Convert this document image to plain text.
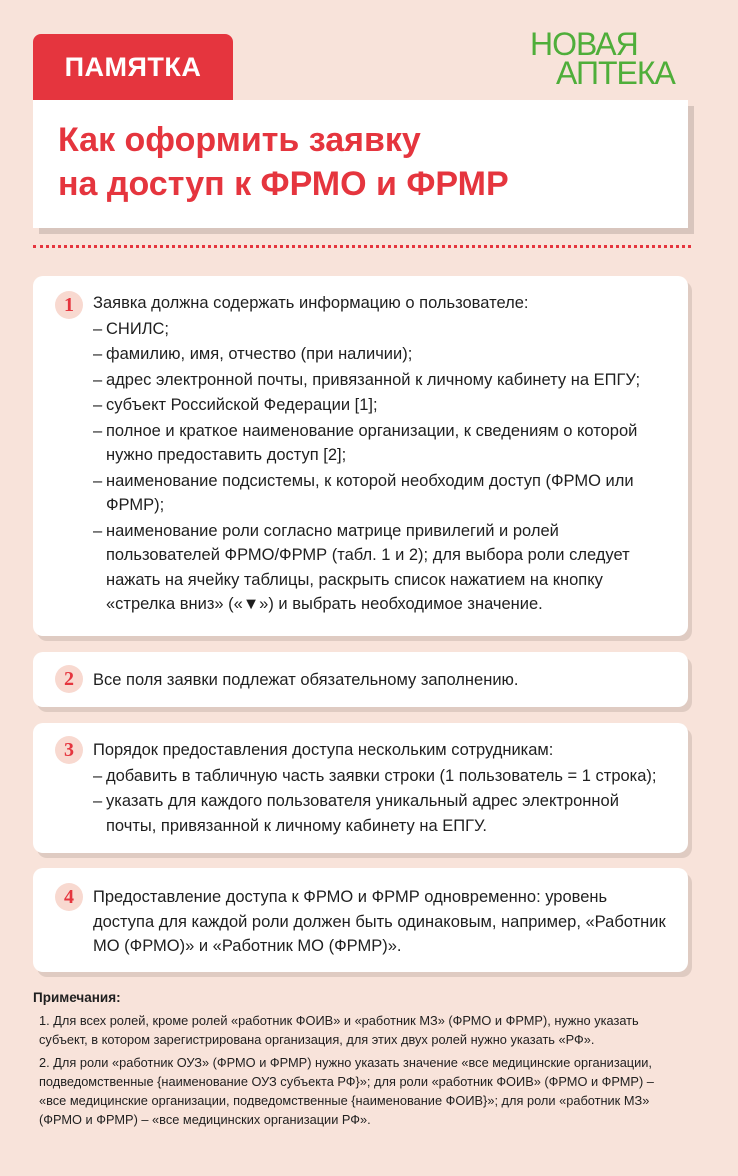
ПАМЯТКА
НОВАЯ
АПТЕКА
Как оформить заявку
на доступ к ФРМО и ФРМР
1	Заявка должна содержать информацию о пользователе:
– СНИЛС;
– фамилию, имя, отчество (при наличии);
– адрес электронной почты, привязанной к личному кабинету на ЕПГУ;
– субъект Российской Федерации [1];
– полное и краткое наименование организации, к сведениям о которой нужно предоставить доступ [2];
– наименование подсистемы, к которой необходим доступ (ФРМО или ФРМР);
– наименование роли согласно матрице привилегий и ролей пользователей ФРМО/ФРМР (табл. 1 и 2); для выбора роли следует нажать на ячейку таблицы, раскрыть список нажатием на кнопку «стрелка вниз» («▼») и выбрать необходимое значение.
2	Все поля заявки подлежат обязательному заполнению.
3	Порядок предоставления доступа нескольким сотрудникам:
– добавить в табличную часть заявки строки (1 пользователь = 1 строка);
– указать для каждого пользователя уникальный адрес электронной почты, привязанной к личному кабинету на ЕПГУ.
4	Предоставление доступа к ФРМО и ФРМР одновременно: уровень доступа для каждой роли должен быть одинаковым, например, «Работник МО (ФРМО)» и «Работник МО (ФРМР)».
Примечания:
1. Для всех ролей, кроме ролей «работник ФОИВ» и «работник МЗ» (ФРМО и ФРМР), нужно указать субъект, в котором зарегистрирована организация, для этих двух ролей нужно указать «РФ».
2. Для роли «работник ОУЗ» (ФРМО и ФРМР) нужно указать значение «все медицинские организации, подведомственные {наименование ОУЗ субъекта РФ}»; для роли «работник ФОИВ» (ФРМО и ФРМР) – «все медицинские организации, подведомственные {наименование ФОИВ}»; для роли «работник МЗ» (ФРМО и ФРМР) – «все медицинских организации РФ».
